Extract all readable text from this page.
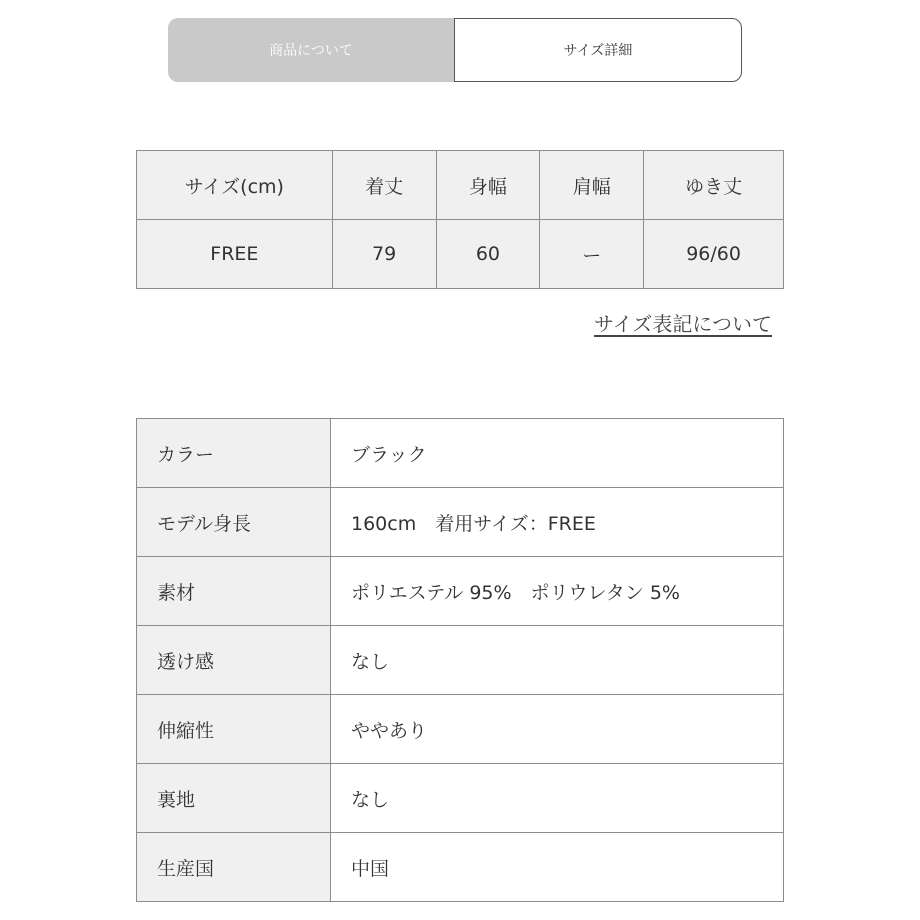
商品について	サイズ詳細
サイズ(cm)	着丈	身幅	肩幅	ゆき丈
FREE	79	60	ー	96/60
サイズ表記について
カラー	ブラック
モデル身長	160cm　着用サイズ：FREE
素材	ポリエステル 95%　ポリウレタン 5%
透け感	なし
伸縮性	ややあり
裏地	なし
生産国	中国
